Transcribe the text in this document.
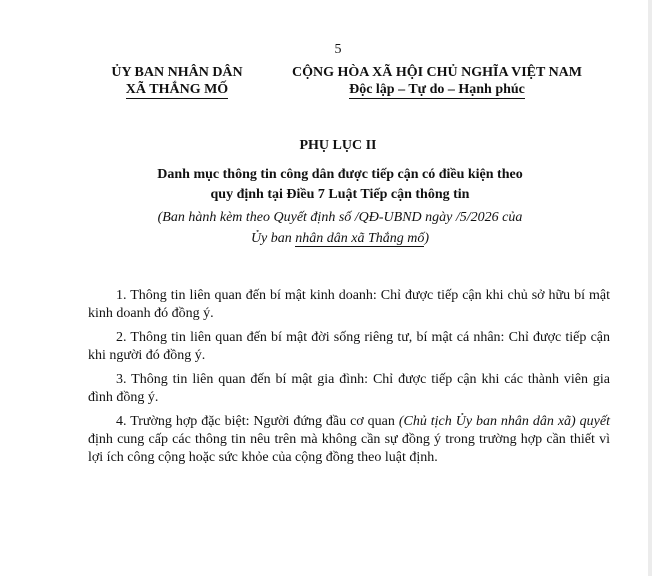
5
ỦY BAN NHÂN DÂN
XÃ THẮNG MỐ
CỘNG HÒA XÃ HỘI CHỦ NGHĨA VIỆT NAM
Độc lập – Tự do – Hạnh phúc
PHỤ LỤC II
Danh mục thông tin công dân được tiếp cận có điều kiện theo
quy định tại Điều 7 Luật Tiếp cận thông tin
(Ban hành kèm theo Quyết định số /QĐ-UBND ngày /5/2026 của
Ủy ban nhân dân xã Thắng mố)

1. Thông tin liên quan đến bí mật kinh doanh: Chỉ được tiếp cận khi chủ sở hữu bí mật kinh doanh đó đồng ý.

2. Thông tin liên quan đến bí mật đời sống riêng tư, bí mật cá nhân: Chỉ được tiếp cận khi người đó đồng ý.

3. Thông tin liên quan đến bí mật gia đình: Chỉ được tiếp cận khi các thành viên gia đình đồng ý.

4. Trường hợp đặc biệt: Người đứng đầu cơ quan (Chủ tịch Ủy ban nhân dân xã) quyết định cung cấp các thông tin nêu trên mà không cần sự đồng ý trong trường hợp cần thiết vì lợi ích công cộng hoặc sức khỏe của cộng đồng theo luật định.
